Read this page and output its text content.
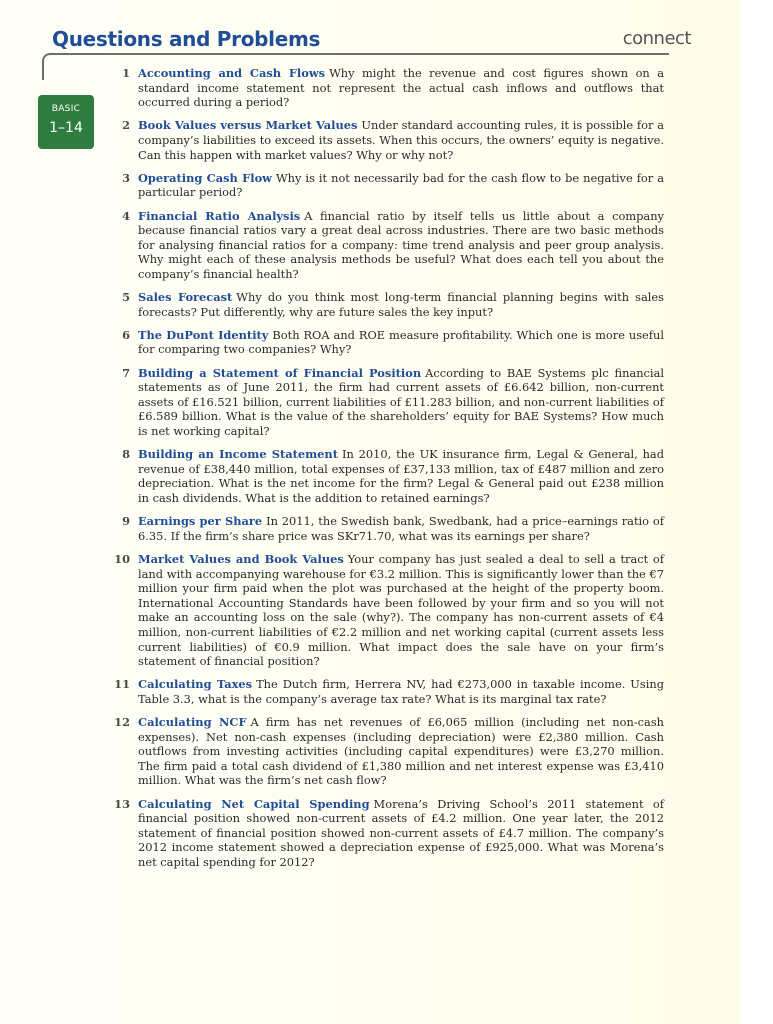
Questions and Problems	connect
BASIC
1–14
1 Accounting and Cash Flows Why might the revenue and cost figures shown on a standard income statement not represent the actual cash inflows and outflows that occurred during a period?
2 Book Values versus Market Values Under standard accounting rules, it is possible for a company’s liabilities to exceed its assets. When this occurs, the owners’ equity is negative. Can this happen with market values? Why or why not?
3 Operating Cash Flow Why is it not necessarily bad for the cash flow to be negative for a particular period?
4 Financial Ratio Analysis A financial ratio by itself tells us little about a company because financial ratios vary a great deal across industries. There are two basic methods for analysing financial ratios for a company: time trend analysis and peer group analysis. Why might each of these analysis methods be useful? What does each tell you about the company’s financial health?
5 Sales Forecast Why do you think most long-term financial planning begins with sales forecasts? Put differently, why are future sales the key input?
6 The DuPont Identity Both ROA and ROE measure profitability. Which one is more useful for comparing two companies? Why?
7 Building a Statement of Financial Position According to BAE Systems plc financial statements as of June 2011, the firm had current assets of £6.642 billion, non-current assets of £16.521 billion, current liabilities of £11.283 billion, and non-current liabilities of £6.589 billion. What is the value of the shareholders’ equity for BAE Systems? How much is net working capital?
8 Building an Income Statement In 2010, the UK insurance firm, Legal & General, had revenue of £38,440 million, total expenses of £37,133 million, tax of £487 million and zero depreciation. What is the net income for the firm? Legal & General paid out £238 million in cash dividends. What is the addition to retained earnings?
9 Earnings per Share In 2011, the Swedish bank, Swedbank, had a price–earnings ratio of 6.35. If the firm’s share price was SKr71.70, what was its earnings per share?
10 Market Values and Book Values Your company has just sealed a deal to sell a tract of land with accompanying warehouse for €3.2 million. This is significantly lower than the €7 million your firm paid when the plot was purchased at the height of the property boom. International Accounting Standards have been followed by your firm and so you will not make an accounting loss on the sale (why?). The company has non-current assets of €4 million, non-current liabilities of €2.2 million and net working capital (current assets less current liabilities) of €0.9 million. What impact does the sale have on your firm’s statement of financial position?
11 Calculating Taxes The Dutch firm, Herrera NV, had €273,000 in taxable income. Using Table 3.3, what is the company’s average tax rate? What is its marginal tax rate?
12 Calculating NCF A firm has net revenues of £6,065 million (including net non-cash expenses). Net non-cash expenses (including depreciation) were £2,380 million. Cash outflows from investing activities (including capital expenditures) were £3,270 million. The firm paid a total cash dividend of £1,380 million and net interest expense was £3,410 million. What was the firm’s net cash flow?
13 Calculating Net Capital Spending Morena’s Driving School’s 2011 statement of financial position showed non-current assets of £4.2 million. One year later, the 2012 statement of financial position showed non-current assets of £4.7 million. The company’s 2012 income statement showed a depreciation expense of £925,000. What was Morena’s net capital spending for 2012?
